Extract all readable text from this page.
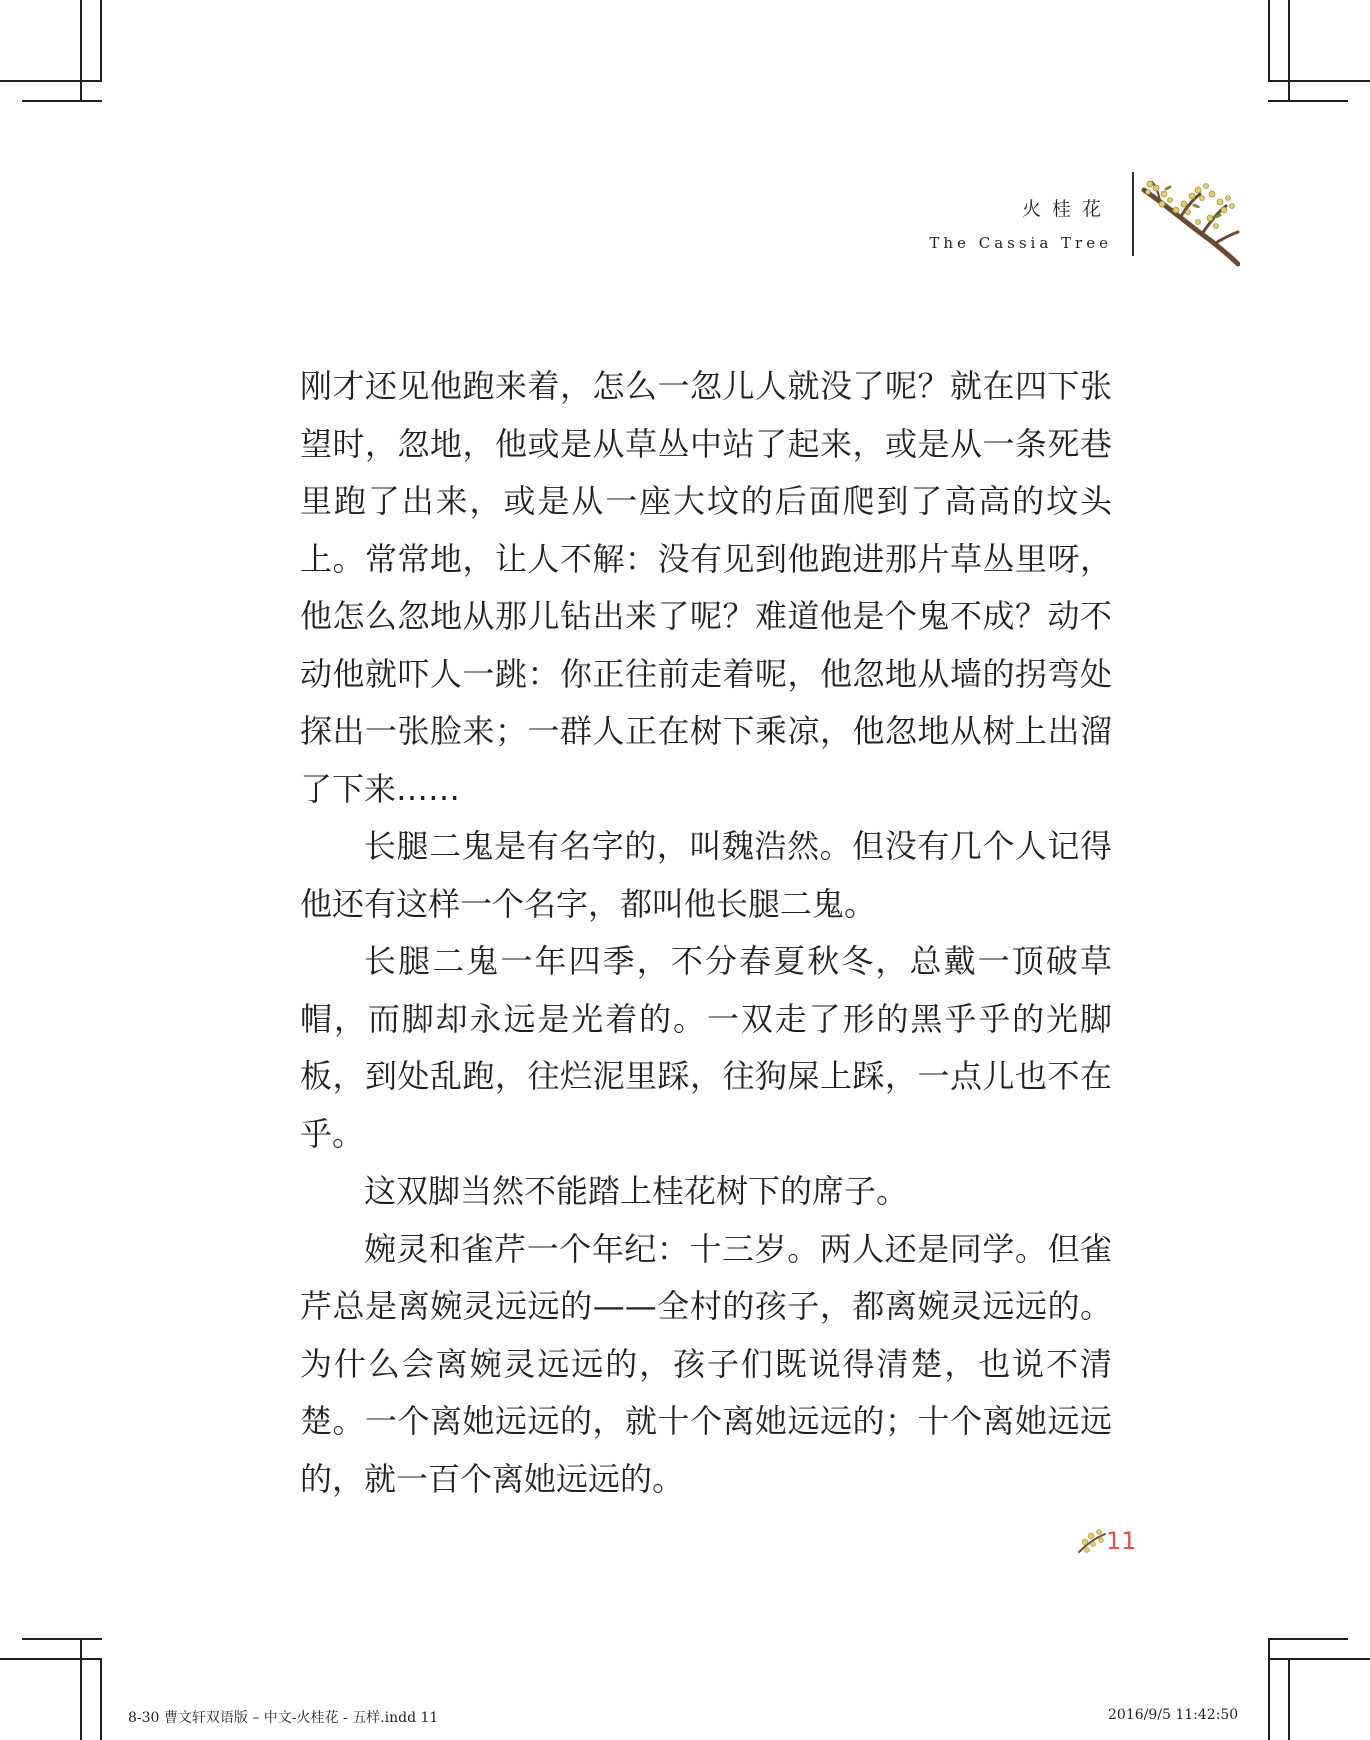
火桂花
The Cassia Tree

刚才还见他跑来着，怎么一忽儿人就没了呢？就在四下张望时，忽地，他或是从草丛中站了起来，或是从一条死巷里跑了出来，或是从一座大坟的后面爬到了高高的坟头上。常常地，让人不解：没有见到他跑进那片草丛里呀，他怎么忽地从那儿钻出来了呢？难道他是个鬼不成？动不动他就吓人一跳：你正往前走着呢，他忽地从墙的拐弯处探出一张脸来；一群人正在树下乘凉，他忽地从树上出溜了下来……

长腿二鬼是有名字的，叫魏浩然。但没有几个人记得他还有这样一个名字，都叫他长腿二鬼。

长腿二鬼一年四季，不分春夏秋冬，总戴一顶破草帽，而脚却永远是光着的。一双走了形的黑乎乎的光脚板，到处乱跑，往烂泥里踩，往狗屎上踩，一点儿也不在乎。

这双脚当然不能踏上桂花树下的席子。

婉灵和雀芹一个年纪：十三岁。两人还是同学。但雀芹总是离婉灵远远的——全村的孩子，都离婉灵远远的。为什么会离婉灵远远的，孩子们既说得清楚，也说不清楚。一个离她远远的，就十个离她远远的；十个离她远远的，就一百个离她远远的。

11
8-30 曹文轩双语版 – 中文-火桂花 - 五样.indd 11	2016/9/5 11:42:50
